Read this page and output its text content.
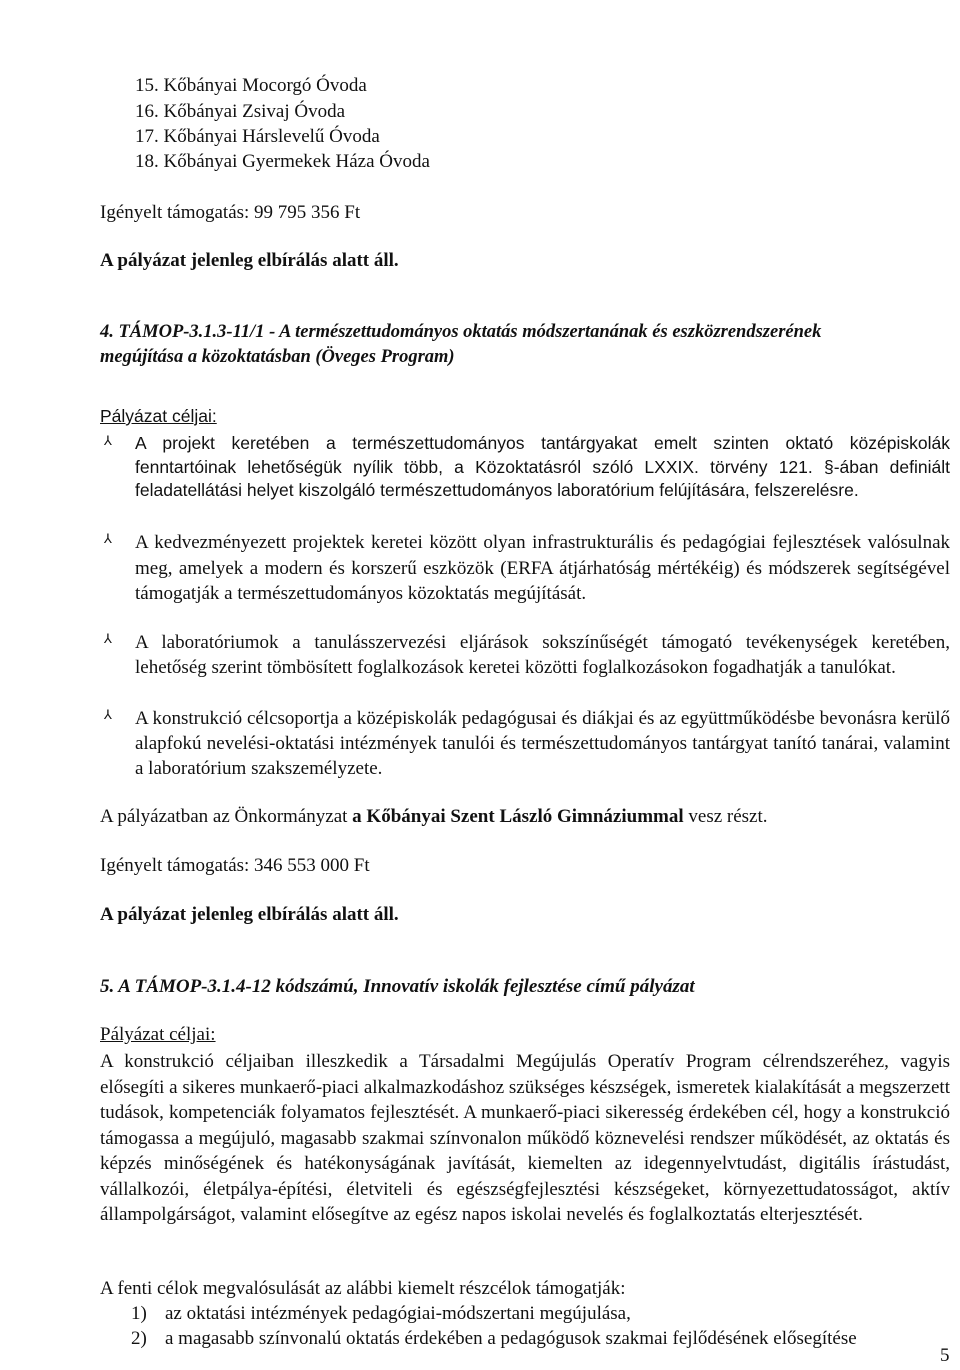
15. Kőbányai Mocorgó Óvoda
16. Kőbányai Zsivaj Óvoda
17. Kőbányai Hárslevelű Óvoda
18. Kőbányai Gyermekek Háza Óvoda
Igényelt támogatás: 99 795 356 Ft
A pályázat jelenleg elbírálás alatt áll.
4. TÁMOP-3.1.3-11/1 - A természettudományos oktatás módszertanának és eszközrendszerének
megújítása a közoktatásban (Öveges Program)
Pályázat céljai:
⅄ A projekt keretében a természettudományos tantárgyakat emelt szinten oktató középiskolák fenntartóinak lehetőségük nyílik több, a Közoktatásról szóló LXXIX. törvény 121. §-ában definiált feladatellátási helyet kiszolgáló természettudományos laboratórium felújítására, felszerelésre.
⅄ A kedvezményezett projektek keretei között olyan infrastrukturális és pedagógiai fejlesztések valósulnak meg, amelyek a modern és korszerű eszközök (ERFA átjárhatóság mértékéig) és módszerek segítségével támogatják a természettudományos közoktatás megújítását.
⅄ A laboratóriumok a tanulásszervezési eljárások sokszínűségét támogató tevékenységek keretében, lehetőség szerint tömbösített foglalkozások keretei közötti foglalkozásokon fogadhatják a tanulókat.
⅄ A konstrukció célcsoportja a középiskolák pedagógusai és diákjai és az együttműködésbe bevonásra kerülő alapfokú nevelési-oktatási intézmények tanulói és természettudományos tantárgyat tanító tanárai, valamint a laboratórium szakszemélyzete.
A pályázatban az Önkormányzat a Kőbányai Szent László Gimnáziummal vesz részt.
Igényelt támogatás: 346 553 000 Ft
A pályázat jelenleg elbírálás alatt áll.
5. A TÁMOP-3.1.4-12 kódszámú, Innovatív iskolák fejlesztése című pályázat
Pályázat céljai:
A konstrukció céljaiban illeszkedik a Társadalmi Megújulás Operatív Program célrendszeréhez, vagyis elősegíti a sikeres munkaerő-piaci alkalmazkodáshoz szükséges készségek, ismeretek kialakítását a megszerzett tudások, kompetenciák folyamatos fejlesztését. A munkaerő-piaci sikeresség érdekében cél, hogy a konstrukció támogassa a megújuló, magasabb szakmai színvonalon működő köznevelési rendszer működését, az oktatás és képzés minőségének és hatékonyságának javítását, kiemelten az idegennyelvtudást, digitális írástudást, vállalkozói, életpálya-építési, életviteli és egészségfejlesztési készségeket, környezettudatosságot, aktív állampolgárságot, valamint elősegítve az egész napos iskolai nevelés és foglalkoztatás elterjesztését.
A fenti célok megvalósulását az alábbi kiemelt részcélok támogatják:
1) az oktatási intézmények pedagógiai-módszertani megújulása,
2) a magasabb színvonalú oktatás érdekében a pedagógusok szakmai fejlődésének elősegítése
5
